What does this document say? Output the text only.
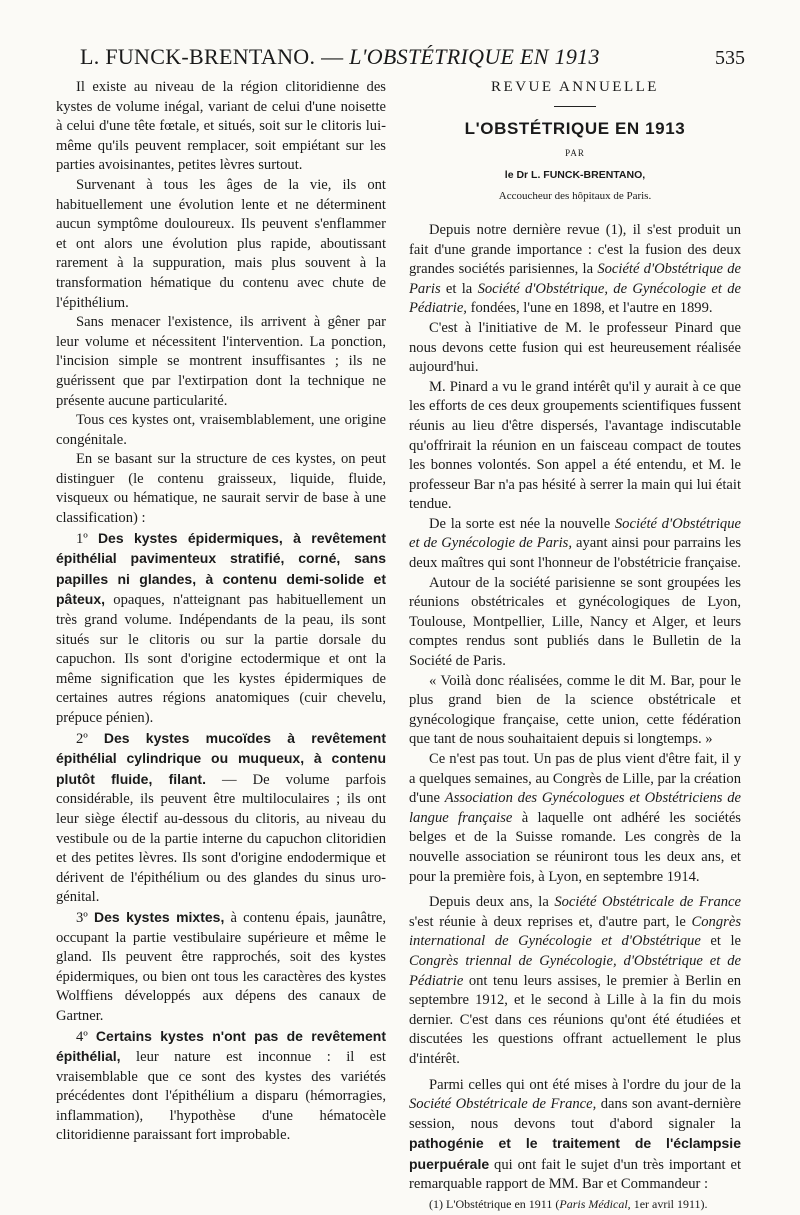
L. FUNCK-BRENTANO. — L'OBSTÉTRIQUE EN 1913	535

Il existe au niveau de la région clitoridienne des kystes de volume inégal, variant de celui d'une noisette à celui d'une tête fœtale, et situés, soit sur le clitoris lui-même qu'ils peuvent remplacer, soit empiétant sur les parties avoisinantes, petites lèvres surtout.

Survenant à tous les âges de la vie, ils ont habituellement une évolution lente et ne déterminent aucun symptôme douloureux. Ils peuvent s'enflammer et ont alors une évolution plus rapide, aboutissant rarement à la suppuration, mais plus souvent à la transformation hématique du contenu avec chute de l'épithélium.

Sans menacer l'existence, ils arrivent à gêner par leur volume et nécessitent l'intervention. La ponction, l'incision simple se montrent insuffisantes ; ils ne guérissent que par l'extirpation dont la technique ne présente aucune particularité.

Tous ces kystes ont, vraisemblablement, une origine congénitale.

En se basant sur la structure de ces kystes, on peut distinguer (le contenu graisseux, liquide, fluide, visqueux ou hématique, ne saurait servir de base à une classification) :

1º Des kystes épidermiques, à revêtement épithélial pavimenteux stratifié, corné, sans papilles ni glandes, à contenu demi-solide et pâteux, opaques, n'atteignant pas habituellement un très grand volume. Indépendants de la peau, ils sont situés sur le clitoris ou sur la partie dorsale du capuchon. Ils sont d'origine ectodermique et ont la même signification que les kystes épidermiques de certaines autres régions anatomiques (cuir chevelu, prépuce pénien).

2º Des kystes mucoïdes à revêtement épithélial cylindrique ou muqueux, à contenu plutôt fluide, filant. — De volume parfois considérable, ils peuvent être multiloculaires ; ils ont leur siège électif au-dessous du clitoris, au niveau du vestibule ou de la partie interne du capuchon clitoridien et des petites lèvres. Ils sont d'origine endodermique et dérivent de l'épithélium ou des glandes du sinus uro-génital.

3º Des kystes mixtes, à contenu épais, jaunâtre, occupant la partie vestibulaire supérieure et même le gland. Ils peuvent être rapprochés, soit des kystes épidermiques, ou bien ont tous les caractères des kystes Wolffiens développés aux dépens des canaux de Gartner.

4º Certains kystes n'ont pas de revêtement épithélial, leur nature est inconnue : il est vraisemblable que ce sont des kystes des variétés précédentes dont l'épithélium a disparu (hémorragies, inflammation), l'hypothèse d'une hématocèle clitoridienne paraissant fort improbable.

REVUE ANNUELLE
L'OBSTÉTRIQUE EN 1913
PAR
le Dr L. FUNCK-BRENTANO,
Accoucheur des hôpitaux de Paris.

Depuis notre dernière revue (1), il s'est produit un fait d'une grande importance : c'est la fusion des deux grandes sociétés parisiennes, la Société d'Obstétrique de Paris et la Société d'Obstétrique, de Gynécologie et de Pédiatrie, fondées, l'une en 1898, et l'autre en 1899.

C'est à l'initiative de M. le professeur Pinard que nous devons cette fusion qui est heureusement réalisée aujourd'hui.

M. Pinard a vu le grand intérêt qu'il y aurait à ce que les efforts de ces deux groupements scientifiques fussent réunis au lieu d'être dispersés, l'avantage indiscutable qu'offrirait la réunion en un faisceau compact de toutes les bonnes volontés. Son appel a été entendu, et M. le professeur Bar n'a pas hésité à serrer la main qui lui était tendue.

De la sorte est née la nouvelle Société d'Obstétrique et de Gynécologie de Paris, ayant ainsi pour parrains les deux maîtres qui sont l'honneur de l'obstétricie française.

Autour de la société parisienne se sont groupées les réunions obstétricales et gynécologiques de Lyon, Toulouse, Montpellier, Lille, Nancy et Alger, et leurs comptes rendus sont publiés dans le Bulletin de la Société de Paris.

« Voilà donc réalisées, comme le dit M. Bar, pour le plus grand bien de la science obstétricale et gynécologique française, cette union, cette fédération que tant de nous souhaitaient depuis si longtemps. »

Ce n'est pas tout. Un pas de plus vient d'être fait, il y a quelques semaines, au Congrès de Lille, par la création d'une Association des Gynécologues et Obstétriciens de langue française à laquelle ont adhéré les sociétés belges et de la Suisse romande. Les congrès de la nouvelle association se réuniront tous les deux ans, et pour la première fois, à Lyon, en septembre 1914.

Depuis deux ans, la Société Obstétricale de France s'est réunie à deux reprises et, d'autre part, le Congrès international de Gynécologie et d'Obstétrique et le Congrès triennal de Gynécologie, d'Obstétrique et de Pédiatrie ont tenu leurs assises, le premier à Berlin en septembre 1912, et le second à Lille à la fin du mois dernier. C'est dans ces réunions qu'ont été étudiées et discutées les questions offrant actuellement le plus d'intérêt.

Parmi celles qui ont été mises à l'ordre du jour de la Société Obstétricale de France, dans son avant-dernière session, nous devons tout d'abord signaler la pathogénie et le traitement de l'éclampsie puerpuérale qui ont fait le sujet d'un très important et remarquable rapport de MM. Bar et Commandeur :

(1) L'Obstétrique en 1911 (Paris Médical, 1er avril 1911).
